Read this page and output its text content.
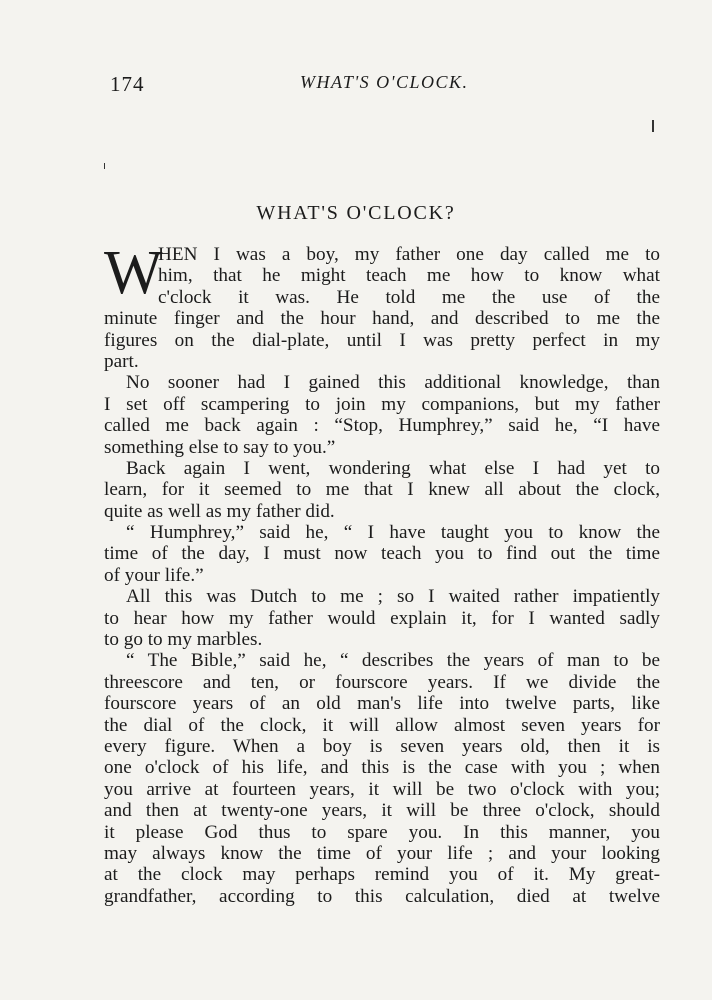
174	WHAT'S O'CLOCK.
WHAT'S O'CLOCK?
W
HEN I was a boy, my father one day called me to
him, that he might teach me how to know what
c'clock it was. He told me the use of the
minute finger and the hour hand, and described to me the
figures on the dial-plate, until I was pretty perfect in my
part.
No sooner had I gained this additional knowledge, than
I set off scampering to join my companions, but my father
called me back again : “Stop, Humphrey,” said he, “I have
something else to say to you.”
Back again I went, wondering what else I had yet to
learn, for it seemed to me that I knew all about the clock,
quite as well as my father did.
“ Humphrey,” said he, “ I have taught you to know the
time of the day, I must now teach you to find out the time
of your life.”
All this was Dutch to me ; so I waited rather impatiently
to hear how my father would explain it, for I wanted sadly
to go to my marbles.
“ The Bible,” said he, “ describes the years of man to be
threescore and ten, or fourscore years. If we divide the
fourscore years of an old man's life into twelve parts, like
the dial of the clock, it will allow almost seven years for
every figure. When a boy is seven years old, then it is
one o'clock of his life, and this is the case with you ; when
you arrive at fourteen years, it will be two o'clock with you;
and then at twenty-one years, it will be three o'clock, should
it please God thus to spare you. In this manner, you
may always know the time of your life ; and your looking
at the clock may perhaps remind you of it. My great-
grandfather, according to this calculation, died at twelve
